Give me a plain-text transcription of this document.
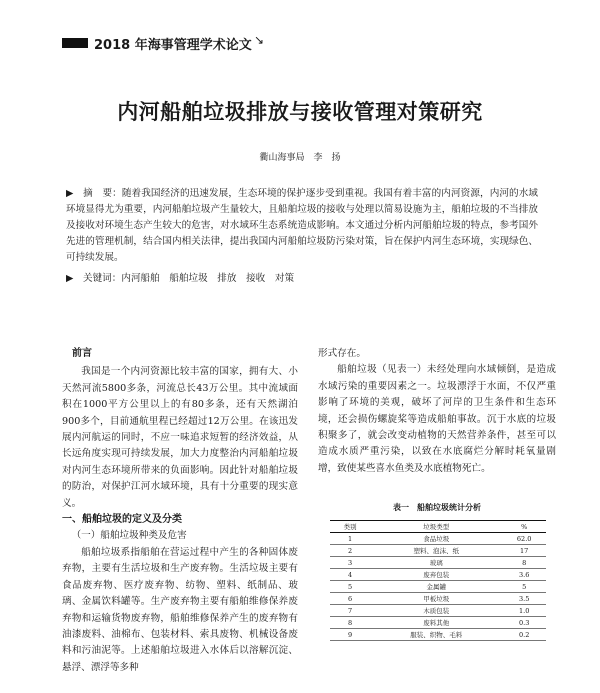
2018 年海事管理学术论文 ↘
内河船舶垃圾排放与接收管理对策研究
衢山海事局　李　扬
▶　摘　要：随着我国经济的迅速发展，生态环境的保护逐步受到重视。我国有着丰富的内河资源，内河的水域环境显得尤为重要，内河船舶垃圾产生量较大，且船舶垃圾的接收与处理以简易设施为主，船舶垃圾的不当排放及接收对环境生态产生较大的危害，对水域环生态系统造成影响。本文通过分析内河船舶垃圾的特点，参考国外先进的管理机制，结合国内相关法律，提出我国内河船舶垃圾防污染对策，旨在保护内河生态环境，实现绿色、可持续发展。
▶　关键词：内河船舶　船舶垃圾　排放　接收　对策
前言

我国是一个内河资源比较丰富的国家，拥有大、小天然河流5800多条，河流总长43万公里。其中流域面积在1000平方公里以上的有80多条，还有天然湖泊900多个，目前通航里程已经超过12万公里。在该迅发展内河航运的同时，不应一味追求短暂的经济效益，从长远角度实现可持续发展，加大力度整治内河船舶垃圾对内河生态环境所带来的负面影响。因此针对船舶垃圾的防治，对保护江河水域环境，具有十分重要的现实意义。

一、船舶垃圾的定义及分类
（一）船舶垃圾种类及危害

船舶垃圾系指船舶在营运过程中产生的各种固体废弃物，主要有生活垃圾和生产废弃物。生活垃圾主要有食品废弃物、医疗废弃物、纺物、塑料、纸制品、玻璃、金属饮料罐等。生产废弃物主要有船舶维修保养废弃物和运输货物废弃物，船舶维修保养产生的废弃物有油漆废料、油棉布、包装材料、索具废物、机械设备废料和污油泥等。上述船舶垃圾进入水体后以溶解沉淀、悬浮、漂浮等多种

形式存在。

船舶垃圾（见表一）未经处理向水域倾倒，是造成水域污染的重要因素之一。垃圾漂浮于水面，不仅严重影响了环境的美观，破坏了河岸的卫生条件和生态环境，还会损伤螺旋桨等造成船舶事故。沉于水底的垃圾积聚多了，就会改变动植物的天然营养条件，甚至可以造成水质严重污染，以致在水底腐烂分解时耗氧量剧增，致使某些喜水鱼类及水底植物死亡。

表一　船舶垃圾统计分析
类别	垃圾类型	%
1	食品垃圾	62.0
2	塑料、泡沫、纸	17
3	玻璃	8
4	废弃包装	3.6
5	金属罐	5
6	甲板垃圾	3.5
7	木质包装	1.0
8	废料其他	0.3
9	服装、织物、毛料	0.2
